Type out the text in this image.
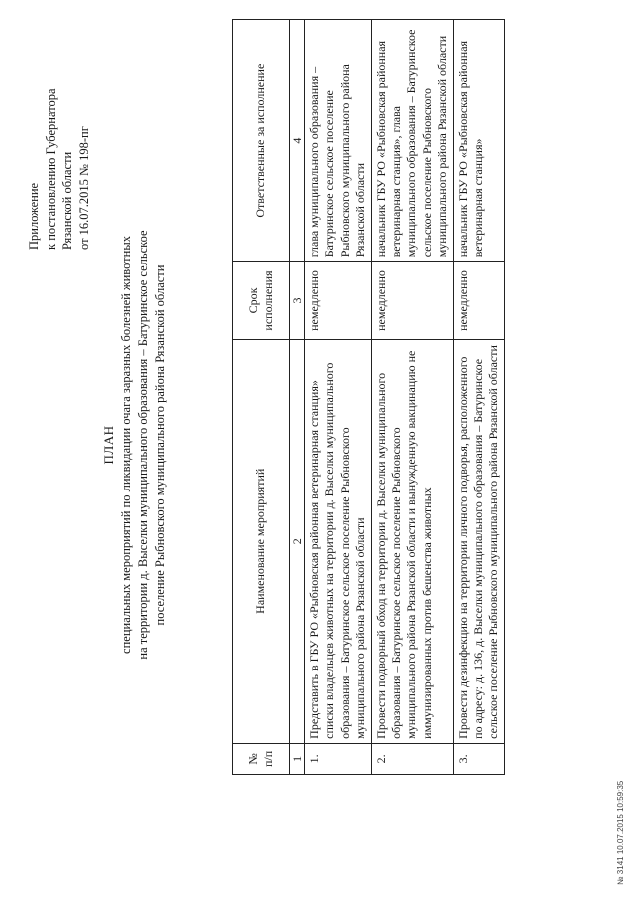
Приложение к постановлению Губернатора Рязанской области от 16.07.2015 № 198-пг
ПЛАН специальных мероприятий по ликвидации очага заразных болезней животных на территории д. Выселки муниципального образования – Батуринское сельское поселение Рыбновского муниципального района Рязанской области
№ п/п	Наименование мероприятий	Срок исполнения	Ответственные за исполнение
1	2	3	4
1.	Представить в ГБУ РО «Рыбновская районная ветеринарная станция» списки владельцев животных на территории д. Выселки муниципального образования – Батуринское сельское поселение Рыбновского муниципального района Рязанской области	немедленно	глава муниципального образования – Батуринское сельское поселение Рыбновского муниципального района Рязанской области
2.	Провести подворный обход на территории д. Выселки муниципального образования – Батуринское сельское поселение Рыбновского муниципального района Рязанской области и вынужденную вакцинацию не иммунизированных против бешенства животных	немедленно	начальник ГБУ РО «Рыбновская районная ветеринарная станция», глава муниципального образования – Батуринское сельское поселение Рыбновского муниципального района Рязанской области
3.	Провести дезинфекцию на территории личного подворья, расположенного по адресу: д. 136, д. Выселки муниципального образования – Батуринское сельское поселение Рыбновского муниципального района Рязанской области	немедленно	начальник ГБУ РО «Рыбновская районная ветеринарная станция»
№ 3141 10.07.2015 10:59:35
